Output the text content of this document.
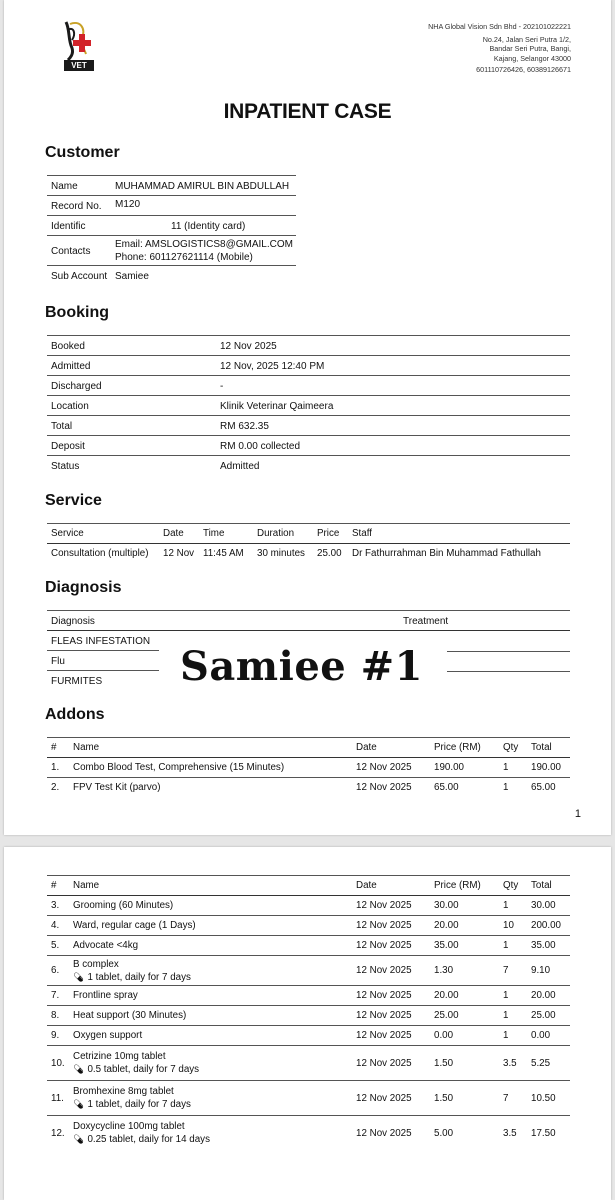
VET
NHA Global Vision Sdn Bhd - 202101022221
No.24, Jalan Seri Putra 1/2,
Bandar Seri Putra, Bangi,
Kajang, Selangor 43000
601110726426, 60389126671
INPATIENT CASE
Customer
Name	MUHAMMAD AMIRUL BIN ABDULLAH
Record No. M120
Identific	11 (Identity card)
Contacts
Email: AMSLOGISTICS8@GMAIL.COM
Phone: 601127621114 (Mobile)
Sub Account Samiee
Booking
Booked	12 Nov 2025
Admitted	12 Nov, 2025 12:40 PM
Discharged	-
Location	Klinik Veterinar Qaimeera
Total	RM 632.35
Deposit	RM 0.00 collected
Status	Admitted
Service
Service	Date	Time	Duration	Price	Staff
Consultation (multiple)	12 Nov	11:45 AM	30 minutes	25.00	Dr Fathurrahman Bin Muhammad Fathullah
Diagnosis
Diagnosis	Treatment
FLEAS INFESTATION
Flu
FURMITES Samiee #1
Addons
#	Name	Date	Price (RM)	Qty	Total
1.	Combo Blood Test, Comprehensive (15 Minutes)	12 Nov 2025	190.00	1	190.00
2.	FPV Test Kit (parvo)	12 Nov 2025	65.00	1	65.00
1
#	Name	Date	Price (RM)	Qty	Total
3.	Grooming (60 Minutes)	12 Nov 2025	30.00	1	30.00
4.	Ward, regular cage (1 Days)	12 Nov 2025	20.00	10	200.00
5.	Advocate <4kg	12 Nov 2025	35.00	1	35.00
6.	B complex
💊︎ 1 tablet, daily for 7 days	12 Nov 2025	1.30	7	9.10
7.	Frontline spray	12 Nov 2025	20.00	1	20.00
8.	Heat support (30 Minutes)	12 Nov 2025	25.00	1	25.00
9.	Oxygen support	12 Nov 2025	0.00	1	0.00
10.	Cetrizine 10mg tablet
💊︎ 0.5 tablet, daily for 7 days	12 Nov 2025	1.50	3.5	5.25
11.	Bromhexine 8mg tablet
💊︎ 1 tablet, daily for 7 days	12 Nov 2025	1.50	7	10.50
12.	Doxycycline 100mg tablet
💊︎ 0.25 tablet, daily for 14 days	12 Nov 2025	5.00	3.5	17.50
